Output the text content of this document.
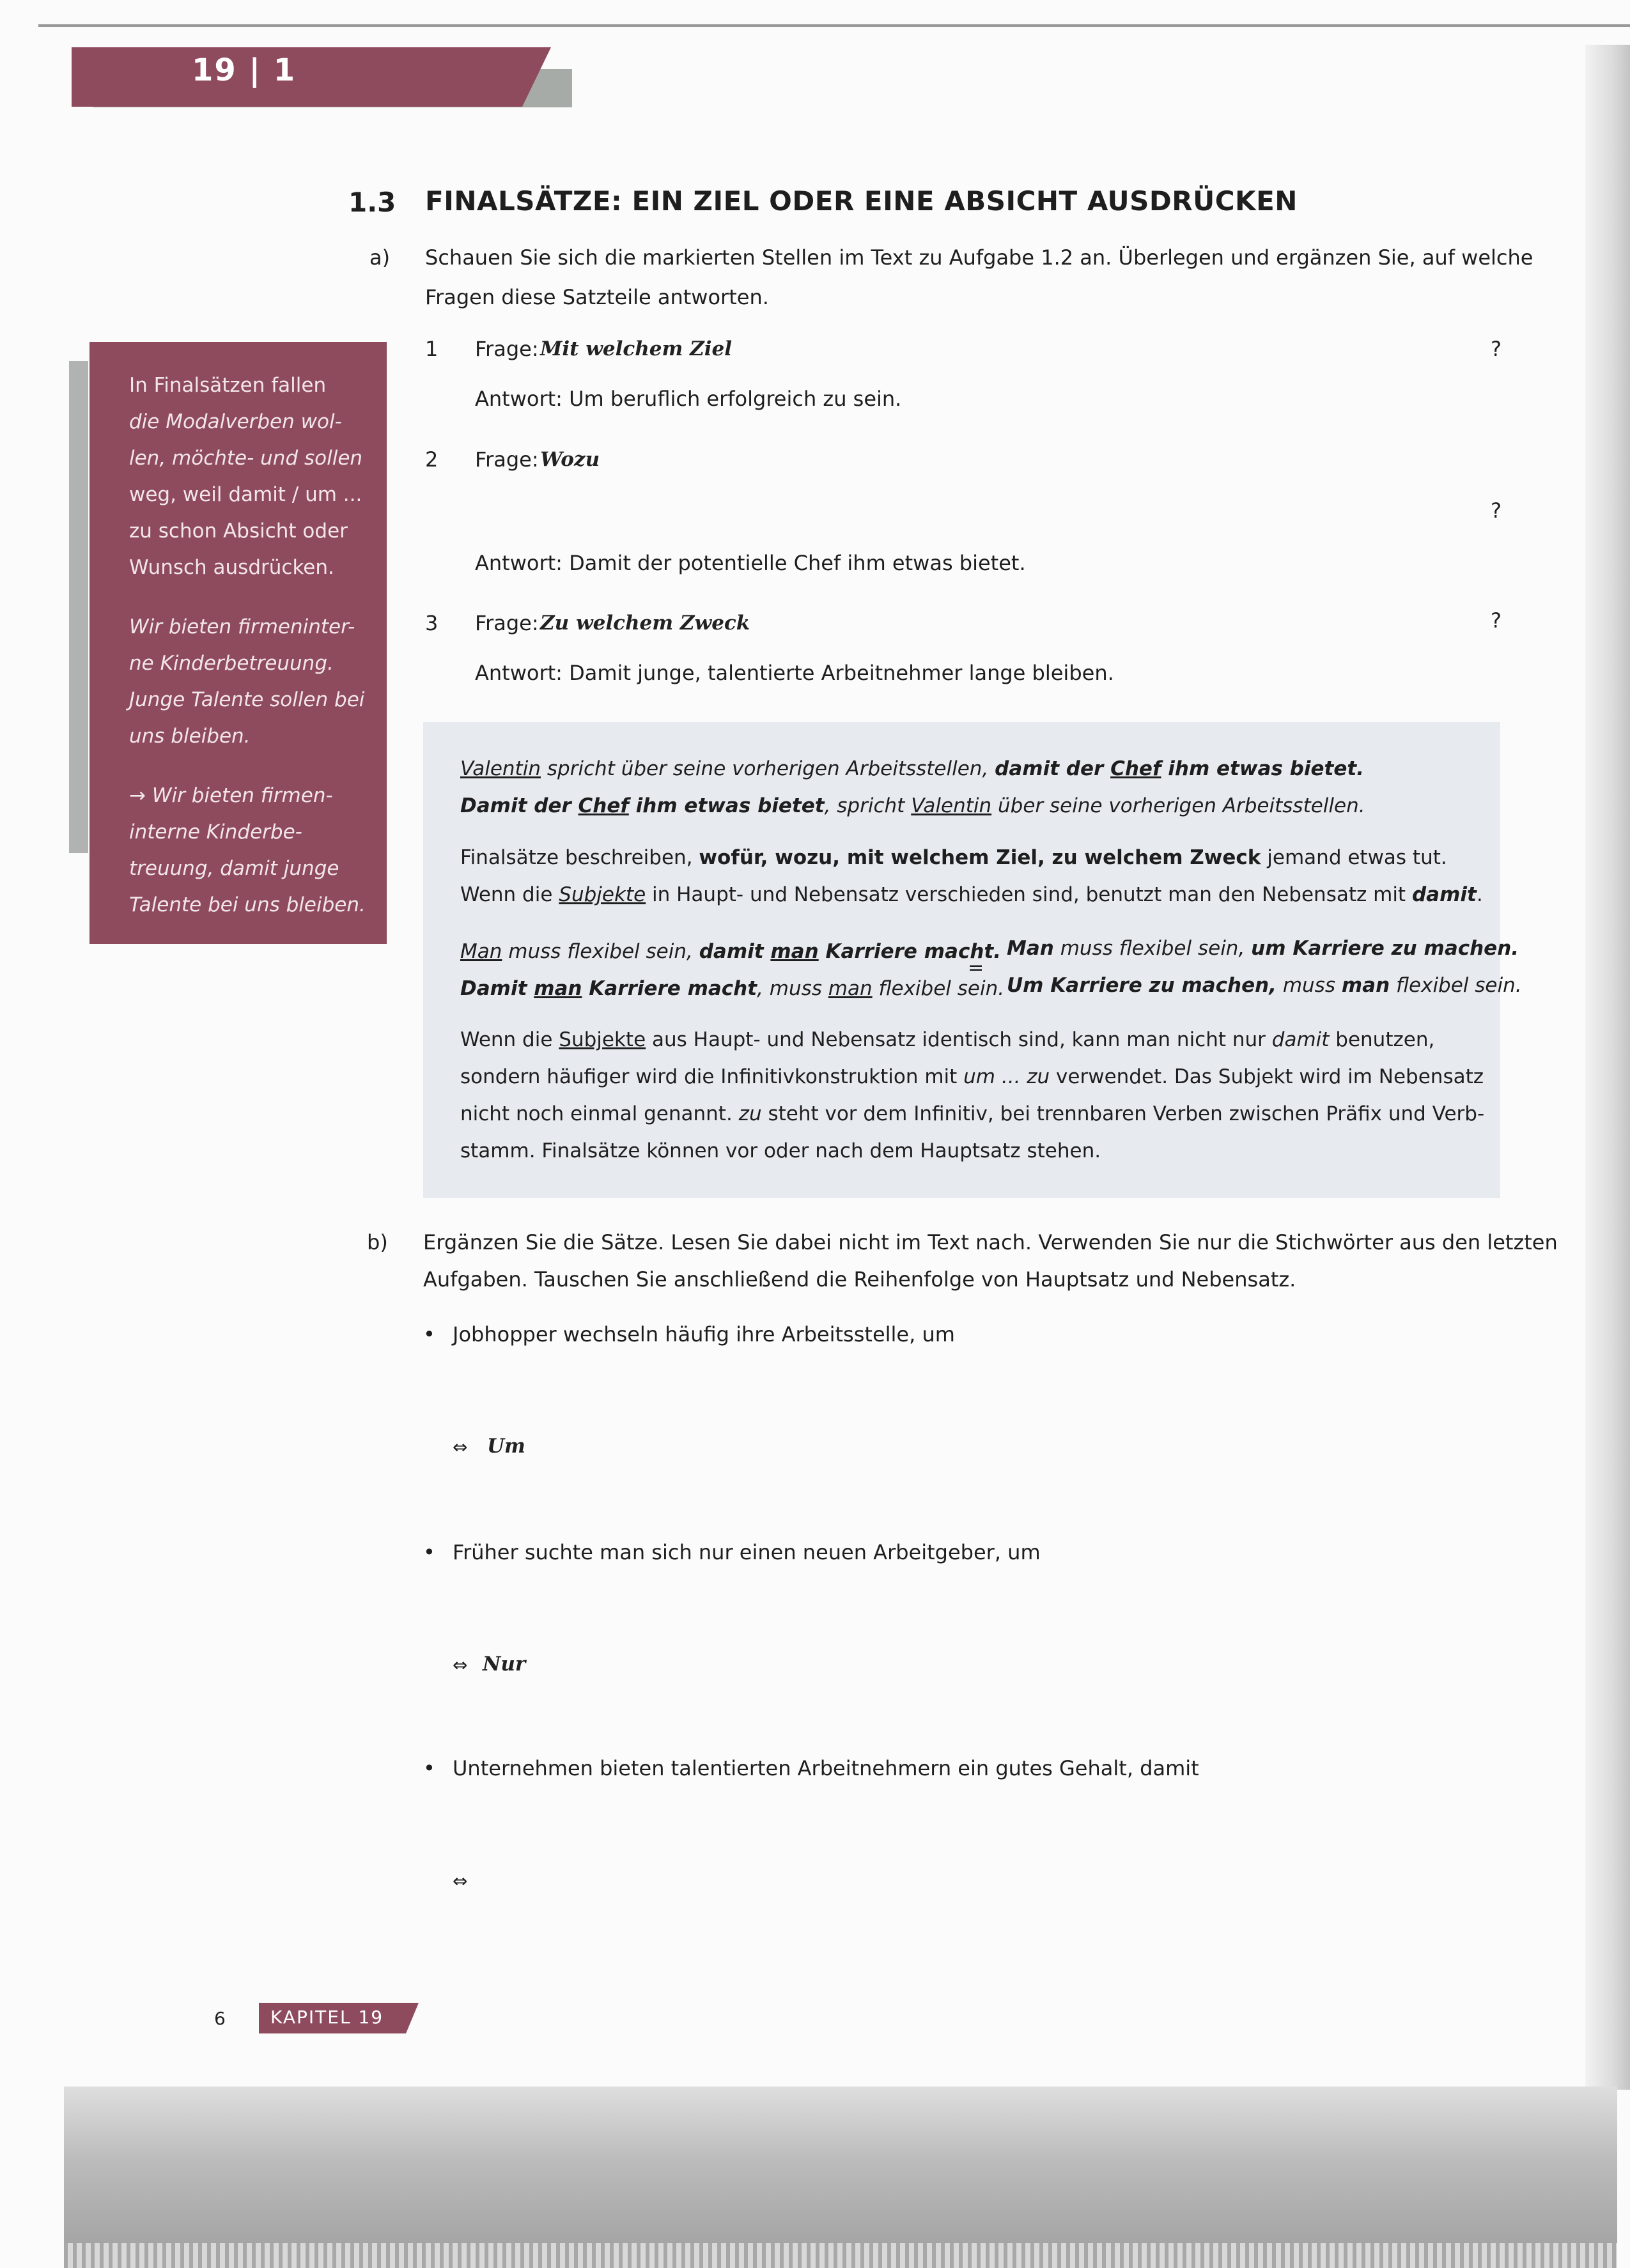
19 | 1
1.3 FINALSÄTZE: EIN ZIEL ODER EINE ABSICHT AUSDRÜCKEN
a) Schauen Sie sich die markierten Stellen im Text zu Aufgabe 1.2 an. Überlegen und ergänzen Sie, auf welche
Fragen diese Satzteile antworten.
1 Frage: Mit welchem Ziel	?
Antwort: Um beruflich erfolgreich zu sein.
2 Frage: Wozu
?
Antwort: Damit der potentielle Chef ihm etwas bietet.
3 Frage: Zu welchem Zweck	?
Antwort: Damit junge, talentierte Arbeitnehmer lange bleiben.

In Finalsätzen fallen

die Modalverben wol-

len, möchte- und sollen

weg, weil damit / um ...

zu schon Absicht oder

Wunsch ausdrücken.

Wir bieten firmeninter-

ne Kinderbetreuung.

Junge Talente sollen bei

uns bleiben.

→ Wir bieten firmen-

interne Kinderbe-

treuung, damit junge

Talente bei uns bleiben.

Valentin spricht über seine vorherigen Arbeitsstellen, damit der Chef ihm etwas bietet.
Damit der Chef ihm etwas bietet, spricht Valentin über seine vorherigen Arbeitsstellen.
Finalsätze beschreiben, wofür, wozu, mit welchem Ziel, zu welchem Zweck jemand etwas tut.
Wenn die Subjekte in Haupt- und Nebensatz verschieden sind, benutzt man den Nebensatz mit damit.
Man muss flexibel sein, damit man Karriere macht.
Damit man Karriere macht, muss man flexibel sein.
=
Man muss flexibel sein, um Karriere zu machen.
Um Karriere zu machen, muss man flexibel sein.
Wenn die Subjekte aus Haupt- und Nebensatz identisch sind, kann man nicht nur damit benutzen,
sondern häufiger wird die Infinitivkonstruktion mit um ... zu verwendet. Das Subjekt wird im Nebensatz
nicht noch einmal genannt. zu steht vor dem Infinitiv, bei trennbaren Verben zwischen Präfix und Verb-
stamm. Finalsätze können vor oder nach dem Hauptsatz stehen.
b) Ergänzen Sie die Sätze. Lesen Sie dabei nicht im Text nach. Verwenden Sie nur die Stichwörter aus den letzten
Aufgaben. Tauschen Sie anschließend die Reihenfolge von Hauptsatz und Nebensatz.
• Jobhopper wechseln häufig ihre Arbeitsstelle, um
⇔ Um
• Früher suchte man sich nur einen neuen Arbeitgeber, um
⇔ Nur
• Unternehmen bieten talentierten Arbeitnehmern ein gutes Gehalt, damit
⇔
6	KAPITEL 19
